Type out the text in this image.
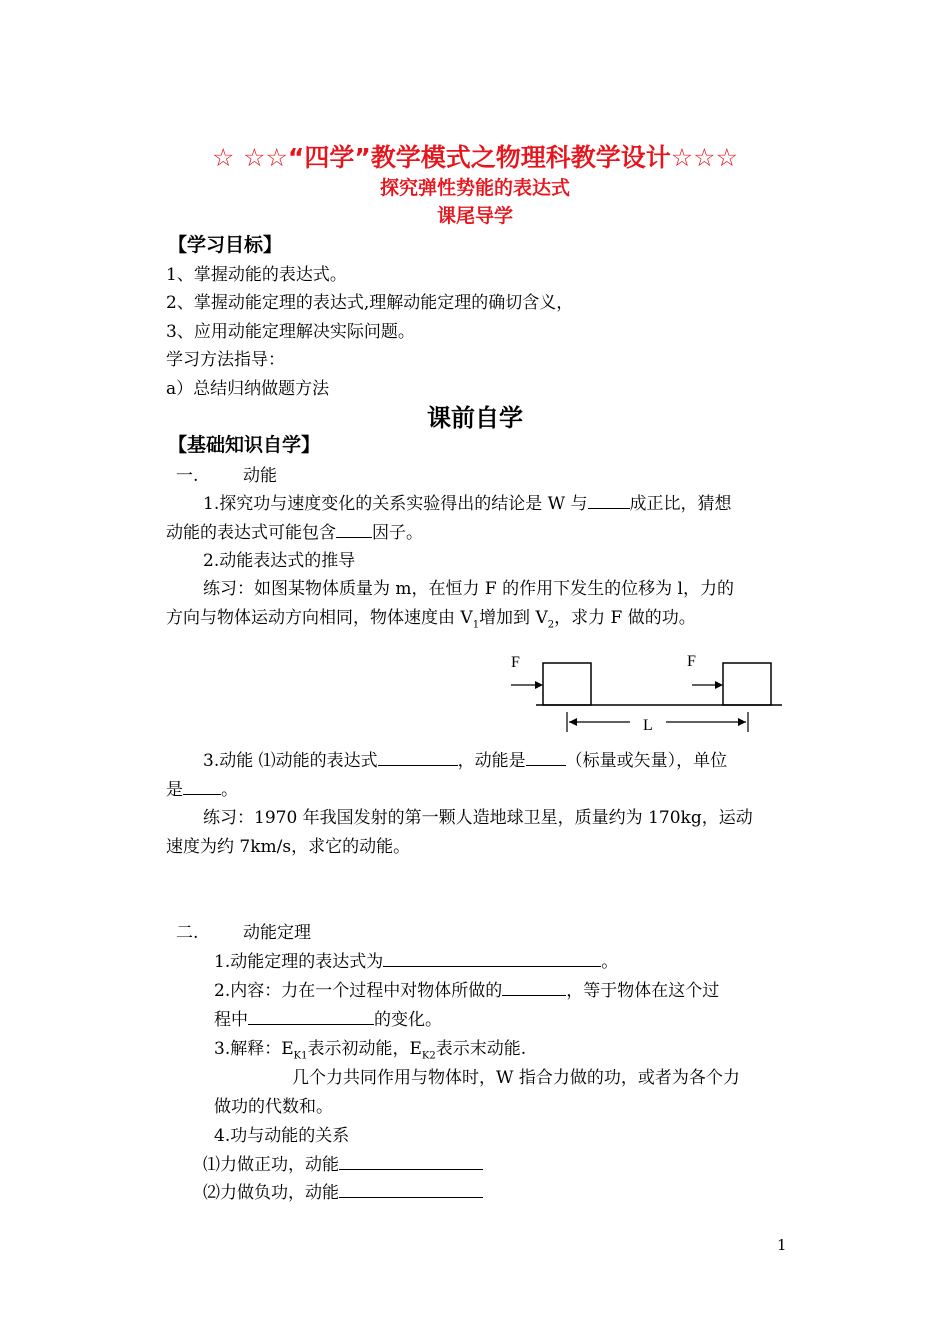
☆ ☆☆“四学”教学模式之物理科教学设计☆☆☆
探究弹性势能的表达式
课尾导学
【学习目标】
1、掌握动能的表达式。
2、掌握动能定理的表达式,理解动能定理的确切含义，
3、应用动能定理解决实际问题。
学习方法指导：
a）总结归纳做题方法
课前自学
【基础知识自学】
一.	动能
1.探究功与速度变化的关系实验得出的结论是 W 与 成正比，猜想
动能的表达式可能包含 因子。
2.动能表达式的推导
练习：如图某物体质量为 m，在恒力 F 的作用下发生的位移为 l，力的
方向与物体运动方向相同，物体速度由 $V_1$增加到 $V_2$，求力 F 做的功。
F	F
L
3.动能 ⑴动能的表达式	，动能是 （标量或矢量），单位
是 。
练习：1970 年我国发射的第一颗人造地球卫星，质量约为 170kg，运动
速度为约 7km/s，求它的动能。
二.	动能定理
1.动能定理的表达式为	。
2.内容：力在一个过程中对物体所做的	，等于物体在这个过
程中	的变化。
3.解释：$E_{K1}$表示初动能，$E_{K2}$表示末动能.
几个力共同作用与物体时，W 指合力做的功，或者为各个力
做功的代数和。
4.功与动能的关系
⑴力做正功，动能
⑵力做负功，动能
1
